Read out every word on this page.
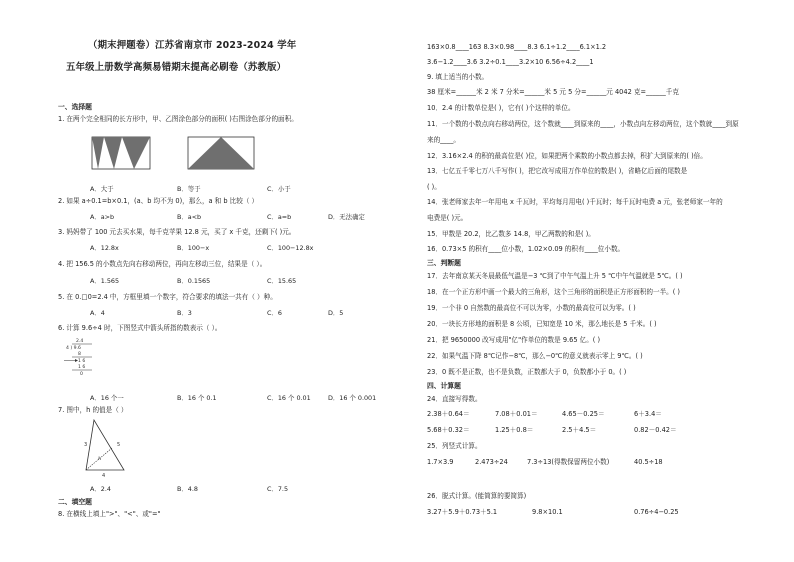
（期末押题卷）江苏省南京市 2023-2024 学年
五年级上册数学高频易错期末提高必刷卷（苏教版）
一、选择题
1. 在两个完全相同的长方形中，甲、乙图涂色部分的面积( )右图涂色部分的面积。
A．大于	B．等于	C．小于
2. 如果 a÷0.1=b×0.1，(a、b 均不为 0)，那么，a 和 b 比较（ ）
A．a>b	B．a<b	C．a=b	D．无法确定
3. 妈妈带了 100 元去买水果，每千克苹果 12.8 元，买了 x 千克，还剩下( )元。
A．12.8x	B．100−x	C．100−12.8x
4. 把 156.5 的小数点先向右移动两位，再向左移动三位，结果是（ ）。
A．1.565	B．0.1565	C．15.65
5. 在 0.□0=2.4 中，方框里填一个数字，符合要求的填法一共有（ ）种。
A．4	B．3	C．6	D．5
6. 计算 9.6÷4 时，下图竖式中箭头所指的数表示（ ）。
2.4
4 ) 9.6
8
1 6
1 6
0
A．16 个一	B．16 个 0.1	C．16 个 0.01	D．16 个 0.001
7. 图中，h 的值是（ ）
3	5
h
4
A．2.4	B．4.8	C．7.5
二、填空题
8. 在横线上填上">"、"<"、或"="
163×0.8____163 8.3×0.98____8.3 6.1÷1.2____6.1×1.2
3.6−1.2____3.6 3.2÷0.1____3.2×10 6.56÷4.2____1
9. 填上适当的小数。
38 厘米=______米 2 米 7 分米=______米 5 元 5 分=______元 4042 克=______千克
10．2.4 的计数单位是( )，它有( )个这样的单位。
11．一个数的小数点向右移动两位，这个数就____到原来的____，小数点向左移动两位，这个数就____到原
来的____。
12．3.16×2.4 的积的最高位是( )位，如果把两个乘数的小数点都去掉，积扩大到原来的( )倍。
13．七亿五千零七万八千写作( )，把它改写成用万作单位的数是( )，省略亿后面的尾数是
( )。
14．张老师家去年一年用电 x 千瓦时，平均每月用电( )千瓦时；每千瓦时电费 a 元，张老师家一年的
电费是( )元。
15．甲数是 20.2，比乙数多 14.8，甲乙两数的和是( )。
16．0.73×5 的积有____位小数，1.02×0.09 的积有____位小数。
三、判断题
17．去年南京某天冬晨最低气温是−3 ℃到了中午气温上升 5 ℃中午气温就是 5℃。( )
18．在一个正方形中画一个最大的三角形，这个三角形的面积是正方形面积的一半。( )
19．一个非 0 自然数的最高位不可以为零，小数的最高位可以为零。( )
20．一块长方形地的面积是 8 公顷，已知宽是 10 米，那么地长是 5 千米。( )
21．把 9650000 改写成用"亿"作单位的数是 9.65 亿。( )
22．如果气温下降 8℃记作−8℃，那么−0℃的意义就表示零上 9℃。( )
23．0 既不是正数，也不是负数，正数都大于 0，负数都小于 0。( )
四、计算题
24．直接写得数。
2.38＋0.64＝	7.08＋0.01＝	4.65－0.25＝	6＋3.4＝
5.68＋0.32＝	1.25＋0.8＝	2.5＋4.5＝	0.82－0.42＝
25．列竖式计算。
1.7×3.9	2.473÷24	7.3÷13(得数保留两位小数)	40.5÷18
26．脱式计算。(能简算的要简算)
3.27＋5.9＋0.73＋5.1	9.8×10.1	0.76÷4−0.25
